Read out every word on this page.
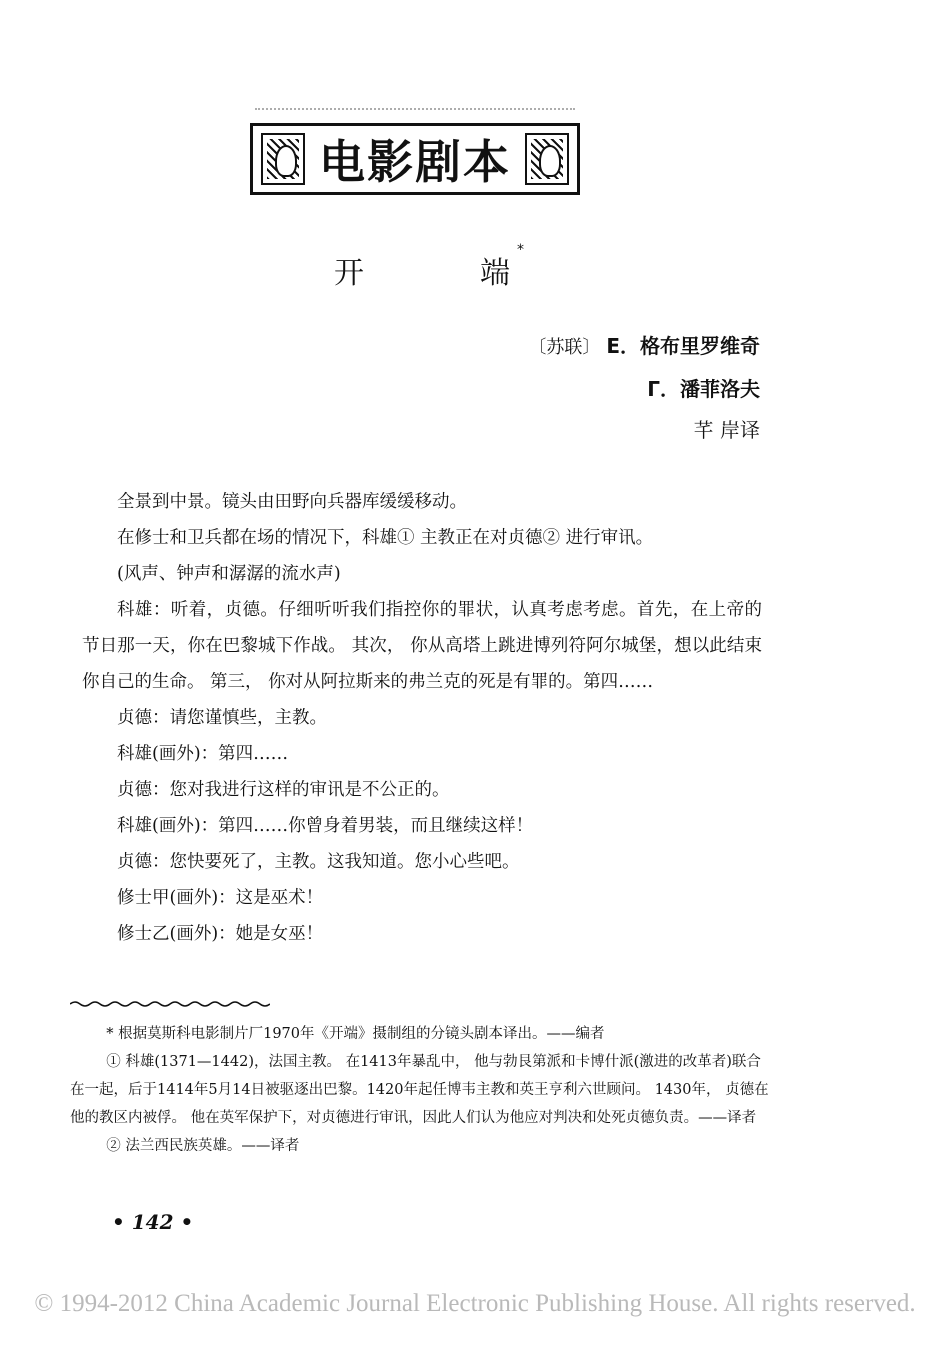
电影剧本
开	端
*
〔苏联〕 E．格布里罗维奇
Г．潘菲洛夫
芊 岸译

全景到中景。镜头由田野向兵器库缓缓移动。

在修士和卫兵都在场的情况下，科雄① 主教正在对贞德② 进行审讯。

(风声、钟声和潺潺的流水声)

科雄：听着，贞德。仔细听听我们指控你的罪状，认真考虑考虑。首先，在上帝的节日那一天，你在巴黎城下作战。 其次， 你从高塔上跳进博列符阿尔城堡，想以此结束你自己的生命。 第三， 你对从阿拉斯来的弗兰克的死是有罪的。第四……

贞德：请您谨慎些，主教。

科雄(画外)：第四……

贞德：您对我进行这样的审讯是不公正的。

科雄(画外)：第四……你曾身着男装，而且继续这样！

贞德：您快要死了，主教。这我知道。您小心些吧。

修士甲(画外)：这是巫术！

修士乙(画外)：她是女巫！

* 根据莫斯科电影制片厂1970年《开端》摄制组的分镜头剧本译出。——编者

① 科雄(1371—1442)，法国主教。 在1413年暴乱中， 他与勃艮第派和卡博什派(激进的改革者)联合在一起，后于1414年5月14日被驱逐出巴黎。1420年起任博韦主教和英王亨利六世顾问。 1430年， 贞德在他的教区内被俘。 他在英军保护下，对贞德进行审讯，因此人们认为他应对判决和处死贞德负责。——译者

② 法兰西民族英雄。——译者

• 142 •
© 1994-2012 China Academic Journal Electronic Publishing House. All rights reserved.
